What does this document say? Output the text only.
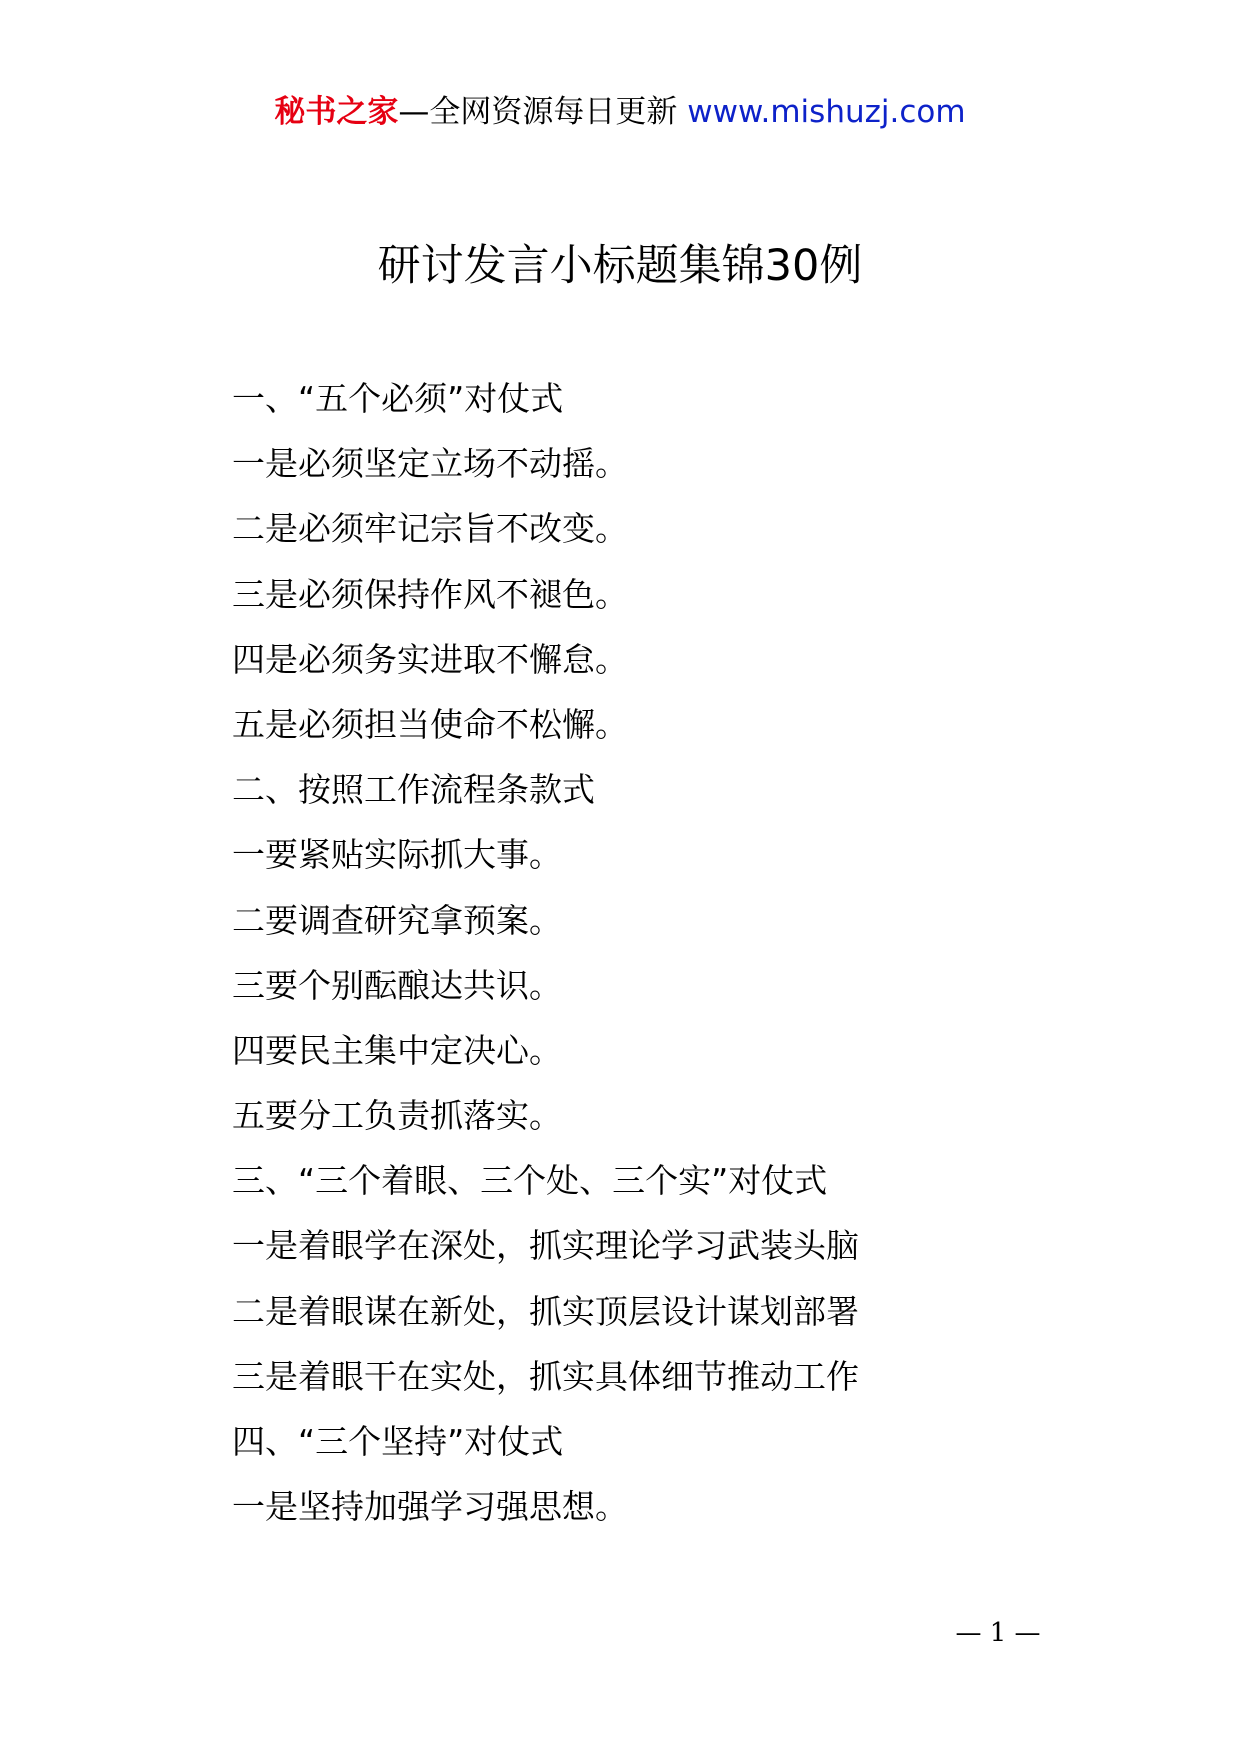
秘书之家—全网资源每日更新 www.mishuzj.com
研讨发言小标题集锦30例
一、“五个必须”对仗式
一是必须坚定立场不动摇。
二是必须牢记宗旨不改变。
三是必须保持作风不褪色。
四是必须务实进取不懈怠。
五是必须担当使命不松懈。
二、按照工作流程条款式
一要紧贴实际抓大事。
二要调查研究拿预案。
三要个别酝酿达共识。
四要民主集中定决心。
五要分工负责抓落实。
三、“三个着眼、三个处、三个实”对仗式
一是着眼学在深处，抓实理论学习武装头脑
二是着眼谋在新处，抓实顶层设计谋划部署
三是着眼干在实处，抓实具体细节推动工作
四、“三个坚持”对仗式
一是坚持加强学习强思想。
— 1 —
